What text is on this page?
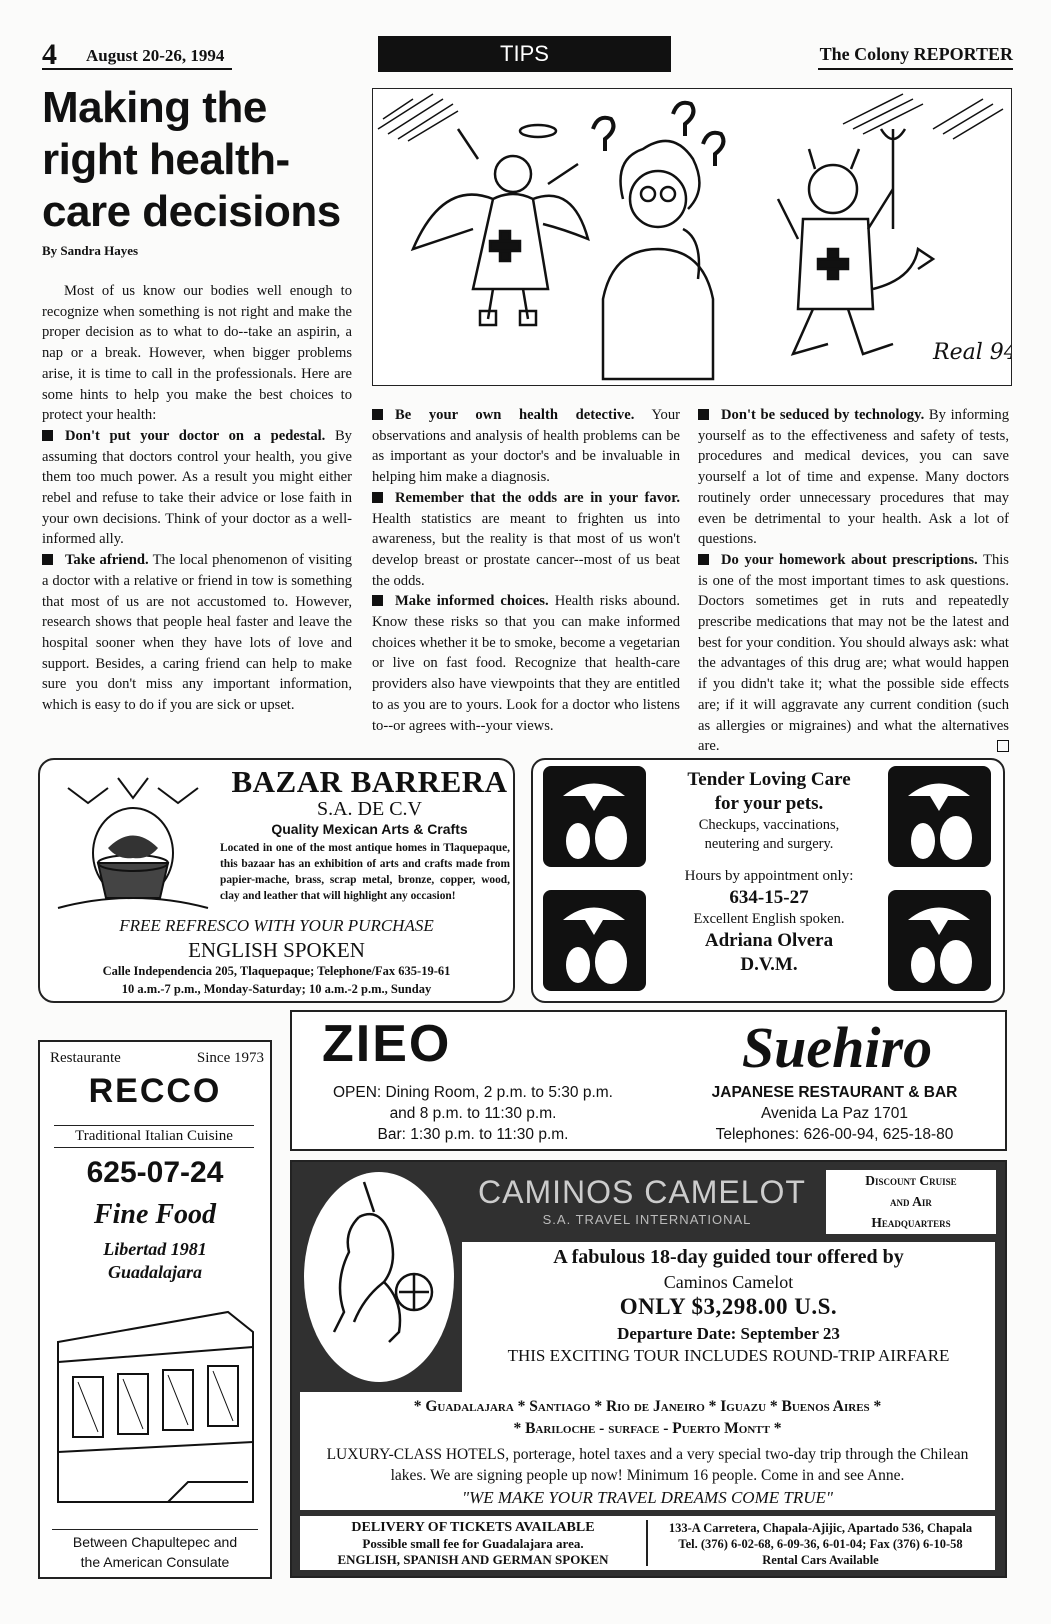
4 August 20-26, 1994	TIPS	The Colony REPORTER
Making the right health-care decisions
By Sandra Hayes
Real 94

Most of us know our bodies well enough to recognize when something is not right and make the proper decision as to what to do--take an aspirin, a nap or a break. However, when bigger problems arise, it is time to call in the professionals. Here are some hints to help you make the best choices to protect your health:

Don't put your doctor on a pedestal. By assuming that doctors control your health, you give them too much power. As a result you might either rebel and refuse to take their advice or lose faith in your own decisions. Think of your doctor as a well-informed ally.

Take afriend. The local phenomenon of visiting a doctor with a relative or friend in tow is something that most of us are not accustomed to. However, research shows that people heal faster and leave the hospital sooner when they have lots of love and support. Besides, a caring friend can help to make sure you don't miss any important information, which is easy to do if you are sick or upset.

Be your own health detective. Your observations and analysis of health problems can be as important as your doctor's and be invaluable in helping him make a diagnosis.

Remember that the odds are in your favor. Health statistics are meant to frighten us into awareness, but the reality is that most of us won't develop breast or prostate cancer--most of us beat the odds.

Make informed choices. Health risks abound. Know these risks so that you can make informed choices whether it be to smoke, become a vegetarian or live on fast food. Recognize that health-care providers also have viewpoints that they are entitled to as you are to yours. Look for a doctor who listens to--or agrees with--your views.

Don't be seduced by technology. By informing yourself as to the effectiveness and safety of tests, procedures and medical devices, you can save yourself a lot of time and expense. Many doctors routinely order unnecessary procedures that may even be detrimental to your health. Ask a lot of questions.

Do your homework about prescriptions. This is one of the most important times to ask questions. Doctors sometimes get in ruts and repeatedly prescribe medications that may not be the latest and best for your condition. You should always ask: what the advantages of this drug are; what would happen if you didn't take it; what the possible side effects are; if it will aggravate any current condition (such as allergies or migraines) and what the alternatives are.

BAZAR BARRERA
S.A. DE C.V
Quality Mexican Arts & Crafts
Located in one of the most antique homes in Tlaquepaque, this bazaar has an exhibition of arts and crafts made from papier-mache, brass, scrap metal, bronze, copper, wood, clay and leather that will highlight any occasion!
FREE REFRESCO WITH YOUR PURCHASE
ENGLISH SPOKEN
Calle Independencia 205, Tlaquepaque; Telephone/Fax 635-19-61
10 a.m.-7 p.m., Monday-Saturday; 10 a.m.-2 p.m., Sunday
Tender Loving Care
for your pets.
Checkups, vaccinations, neutering and surgery.
Hours by appointment only:
634-15-27
Excellent English spoken.
Adriana Olvera
D.V.M.
Restaurante	Since 1973
RECCO
Traditional Italian Cuisine
625-07-24
Fine Food
Libertad 1981
Guadalajara
Between Chapultepec and
the American Consulate
ZIEO
OPEN: Dining Room, 2 p.m. to 5:30 p.m.
and 8 p.m. to 11:30 p.m.
Bar: 1:30 p.m. to 11:30 p.m.
Suehiro
JAPANESE RESTAURANT & BAR
Avenida La Paz 1701
Telephones: 626-00-94, 625-18-80
CAMINOS CAMELOT
S.A. TRAVEL INTERNATIONAL
Discount Cruise
and Air
Headquarters
A fabulous 18-day guided tour offered by
Caminos Camelot
ONLY $3,298.00 U.S.
Departure Date: September 23
THIS EXCITING TOUR INCLUDES ROUND-TRIP AIRFARE
* Guadalajara * Santiago * Rio de Janeiro * Iguazu * Buenos Aires *
* Bariloche - surface - Puerto Montt *
LUXURY-CLASS HOTELS, porterage, hotel taxes and a very special two-day trip through the Chilean lakes. We are signing people up now! Minimum 16 people. Come in and see Anne.
"WE MAKE YOUR TRAVEL DREAMS COME TRUE"
DELIVERY OF TICKETS AVAILABLE
Possible small fee for Guadalajara area.
ENGLISH, SPANISH AND GERMAN SPOKEN
133-A Carretera, Chapala-Ajijic, Apartado 536, Chapala
Tel. (376) 6-02-68, 6-09-36, 6-01-04; Fax (376) 6-10-58
Rental Cars Available
